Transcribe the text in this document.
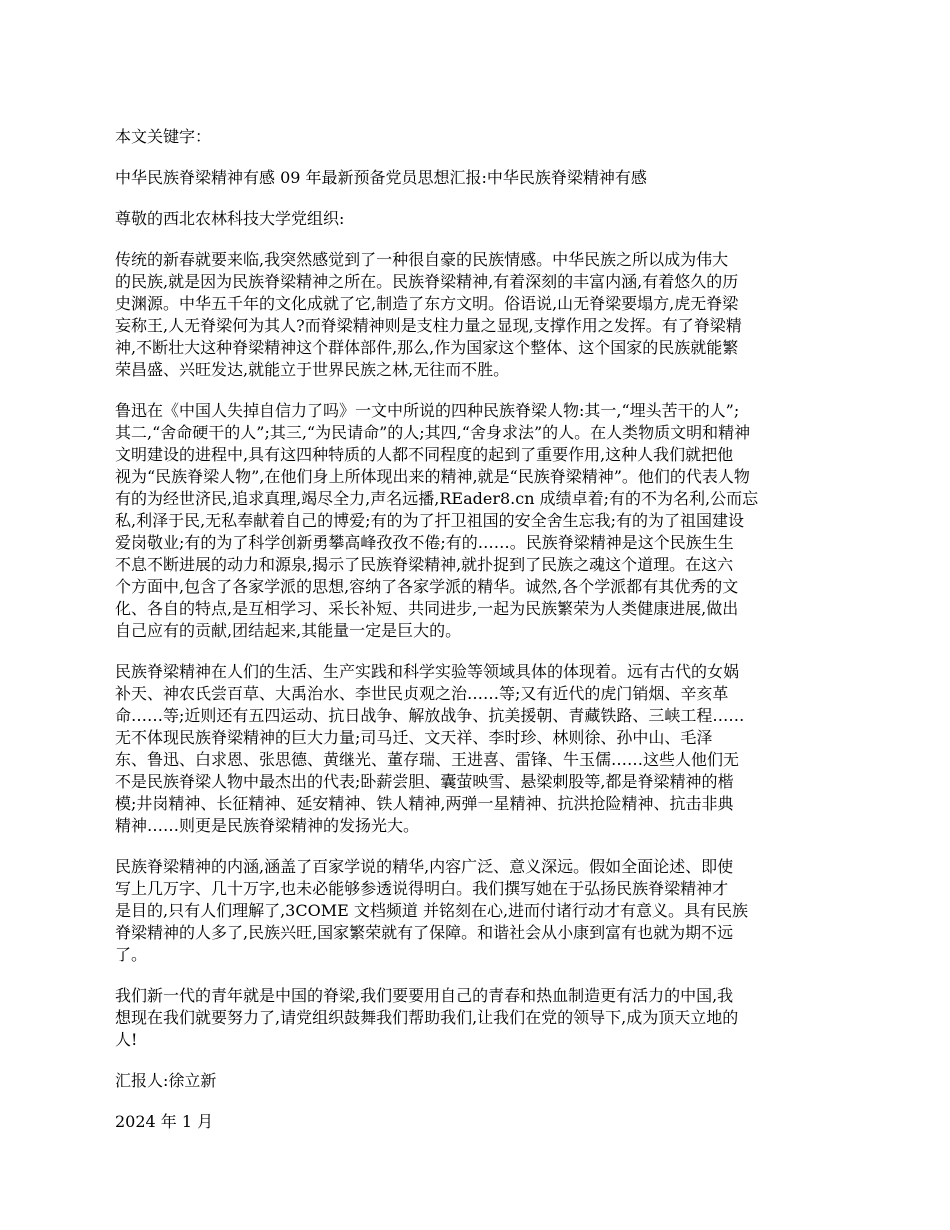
本文关键字：

中华民族脊梁精神有感 09 年最新预备党员思想汇报:中华民族脊梁精神有感

尊敬的西北农林科技大学党组织:

传统的新春就要来临,我突然感觉到了一种很自豪的民族情感。中华民族之所以成为伟大
的民族,就是因为民族脊梁精神之所在。民族脊梁精神,有着深刻的丰富内涵,有着悠久的历
史渊源。中华五千年的文化成就了它,制造了东方文明。俗语说,山无脊梁要塌方,虎无脊梁
妄称王,人无脊梁何为其人?而脊梁精神则是支柱力量之显现,支撑作用之发挥。有了脊梁精
神,不断壮大这种脊梁精神这个群体部件,那么,作为国家这个整体、这个国家的民族就能繁
荣昌盛、兴旺发达,就能立于世界民族之林,无往而不胜。
鲁迅在《中国人失掉自信力了吗》一文中所说的四种民族脊梁人物:其一,“埋头苦干的人”;
其二,“舍命硬干的人”;其三,“为民请命”的人;其四,“舍身求法”的人。在人类物质文明和精神
文明建设的进程中,具有这四种特质的人都不同程度的起到了重要作用,这种人我们就把他
视为“民族脊梁人物”,在他们身上所体现出来的精神,就是“民族脊梁精神”。他们的代表人物
有的为经世济民,追求真理,竭尽全力,声名远播,REader8.cn 成绩卓着;有的不为名利,公而忘
私,利泽于民,无私奉献着自己的博爱;有的为了扞卫祖国的安全舍生忘我;有的为了祖国建设
爱岗敬业;有的为了科学创新勇攀高峰孜孜不倦;有的……。民族脊梁精神是这个民族生生
不息不断进展的动力和源泉,揭示了民族脊梁精神,就扑捉到了民族之魂这个道理。在这六
个方面中,包含了各家学派的思想,容纳了各家学派的精华。诚然,各个学派都有其优秀的文
化、各自的特点,是互相学习、采长补短、共同进步,一起为民族繁荣为人类健康进展,做出
自己应有的贡献,团结起来,其能量一定是巨大的。
民族脊梁精神在人们的生活、生产实践和科学实验等领域具体的体现着。远有古代的女娲
补天、神农氏尝百草、大禹治水、李世民贞观之治……等;又有近代的虎门销烟、辛亥革
命……等;近则还有五四运动、抗日战争、解放战争、抗美援朝、青藏铁路、三峡工程……
无不体现民族脊梁精神的巨大力量;司马迁、文天祥、李时珍、林则徐、孙中山、毛泽
东、鲁迅、白求恩、张思德、黄继光、董存瑞、王进喜、雷锋、牛玉儒……这些人他们无
不是民族脊梁人物中最杰出的代表;卧薪尝胆、囊萤映雪、悬梁刺股等,都是脊梁精神的楷
模;井岗精神、长征精神、延安精神、铁人精神,两弹一星精神、抗洪抢险精神、抗击非典
精神……则更是民族脊梁精神的发扬光大。
民族脊梁精神的内涵,涵盖了百家学说的精华,内容广泛、意义深远。假如全面论述、即使
写上几万字、几十万字,也未必能够参透说得明白。我们撰写她在于弘扬民族脊梁精神才
是目的,只有人们理解了,3COME 文档频道 并铭刻在心,进而付诸行动才有意义。具有民族
脊梁精神的人多了,民族兴旺,国家繁荣就有了保障。和谐社会从小康到富有也就为期不远
了。
我们新一代的青年就是中国的脊梁,我们要要用自己的青春和热血制造更有活力的中国,我
想现在我们就要努力了,请党组织鼓舞我们帮助我们,让我们在党的领导下,成为顶天立地的
人!

汇报人:徐立新

2024 年 1 月
